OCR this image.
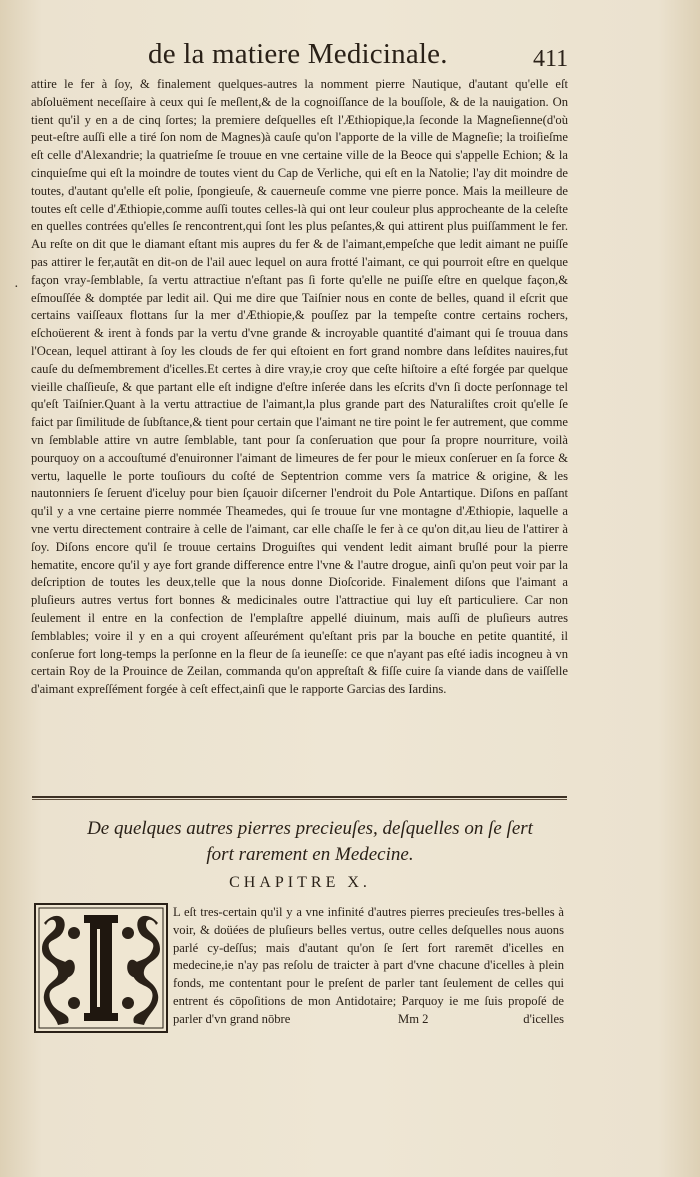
de la matiere Medicinale.	411
·

attire le fer à ſoy, & finalement quelques-autres la nomment pierre Nautique, d'autant qu'elle eſt abſoluëment neceſſaire à ceux qui ſe meſlent,& de la cognoiſſance de la bouſſole, & de la nauigation. On tient qu'il y en a de cinq ſortes; la premiere deſquelles eſt l'Æthiopique,la ſeconde la Magneſienne(d'où peut-eſtre auſſi elle a tiré ſon nom de Magnes)à cauſe qu'on l'apporte de la ville de Magneſie; la troiſieſme eſt celle d'Alexandrie; la quatrieſme ſe trouue en vne certaine ville de la Beoce qui s'appelle Echion; & la cinquieſme qui eſt la moindre de toutes vient du Cap de Verliche, qui eſt en la Natolie; l'ay dit moindre de toutes, d'autant qu'elle eſt polie, ſpongieuſe, & cauerneuſe comme vne pierre ponce. Mais la meilleure de toutes eſt celle d'Æthiopie,comme auſſi toutes celles-là qui ont leur couleur plus approcheante de la celeſte en quelles contrées qu'elles ſe rencontrent,qui ſont les plus peſantes,& qui attirent plus puiſſamment le fer. Au reſte on dit que le diamant eſtant mis aupres du fer & de l'aimant,empeſche que ledit aimant ne puiſſe pas attirer le fer,autãt en dit-on de l'ail auec lequel on aura frotté l'aimant, ce qui pourroit eſtre en quelque façon vray-ſemblable, ſa vertu attractiue n'eſtant pas ſi forte qu'elle ne puiſſe eſtre en quelque façon,& eſmouſſée & domptée par ledit ail. Qui me dire que Taiſnier nous en conte de belles, quand il eſcrit que certains vaiſſeaux flottans ſur la mer d'Æthiopie,& pouſſez par la tempeſte contre certains rochers, eſchoüerent & irent à fonds par la vertu d'vne grande & incroyable quantité d'aimant qui ſe trouua dans l'Ocean, lequel attirant à ſoy les clouds de fer qui eſtoient en fort grand nombre dans leſdites nauires,fut cauſe du deſmembrement d'icelles.Et certes à dire vray,ie croy que ceſte hiſtoire a eſté forgée par quelque vieille chaſſieuſe, & que partant elle eſt indigne d'eſtre inſerée dans les eſcrits d'vn ſi docte perſonnage tel qu'eſt Taiſnier.Quant à la vertu attractiue de l'aimant,la plus grande part des Naturaliſtes croit qu'elle ſe faict par ſimilitude de ſubſtance,& tient pour certain que l'aimant ne tire point le fer autrement, que comme vn ſemblable attire vn autre ſemblable, tant pour ſa conſeruation que pour ſa propre nourriture, voilà pourquoy on a accouſtumé d'enuironner l'aimant de limeures de fer pour le mieux conſeruer en ſa force & vertu, laquelle le porte touſiours du coſté de Septentrion comme vers ſa matrice & origine, & les nautonniers ſe ſeruent d'iceluy pour bien ſçauoir diſcerner l'endroit du Pole Antartique. Diſons en paſſant qu'il y a vne certaine pierre nommée Theamedes, qui ſe trouue ſur vne montagne d'Æthiopie, laquelle a vne vertu directement contraire à celle de l'aimant, car elle chaſſe le fer à ce qu'on dit,au lieu de l'attirer à ſoy. Diſons encore qu'il ſe trouue certains Droguiſtes qui vendent ledit aimant bruſlé pour la pierre hematite, encore qu'il y aye fort grande difference entre l'vne & l'autre drogue, ainſi qu'on peut voir par la deſcription de toutes les deux,telle que la nous donne Dioſcoride. Finalement diſons que l'aimant a pluſieurs autres vertus fort bonnes & medicinales outre l'attractiue qui luy eſt particuliere. Car non ſeulement il entre en la confection de l'emplaſtre appellé diuinum, mais auſſi de pluſieurs autres ſemblables; voire il y en a qui croyent aſſeurément qu'eſtant pris par la bouche en petite quantité, il conſerue fort long-temps la perſonne en la fleur de ſa ieuneſſe: ce que n'ayant pas eſté iadis incogneu à vn certain Roy de la Prouince de Zeilan, commanda qu'on appreſtaſt & fiſſe cuire ſa viande dans de vaiſſelle d'aimant expreſſément forgée à ceſt effect,ainſi que le rapporte Garcias des Iardins.

De quelques autres pierres precieuſes, deſquelles on ſe ſert
fort rarement en Medecine.
CHAPITRE X.
L eſt tres-certain qu'il y a vne infinité d'autres pierres precieuſes tres-belles à voir, & doüées de pluſieurs belles vertus, outre celles deſquelles nous auons parlé cy-deſſus; mais d'autant qu'on ſe ſert fort raremēt d'icelles en medecine,ie n'ay pas reſolu de traicter à part d'vne chacune d'icelles à plein fonds, me contentant pour le preſent de parler tant ſeulement de celles qui entrent és cōpoſitions de mon Antidotaire; Parquoy ie me ſuis propoſé de parler d'vn grand nōbre	Mm 2	d'icelles
